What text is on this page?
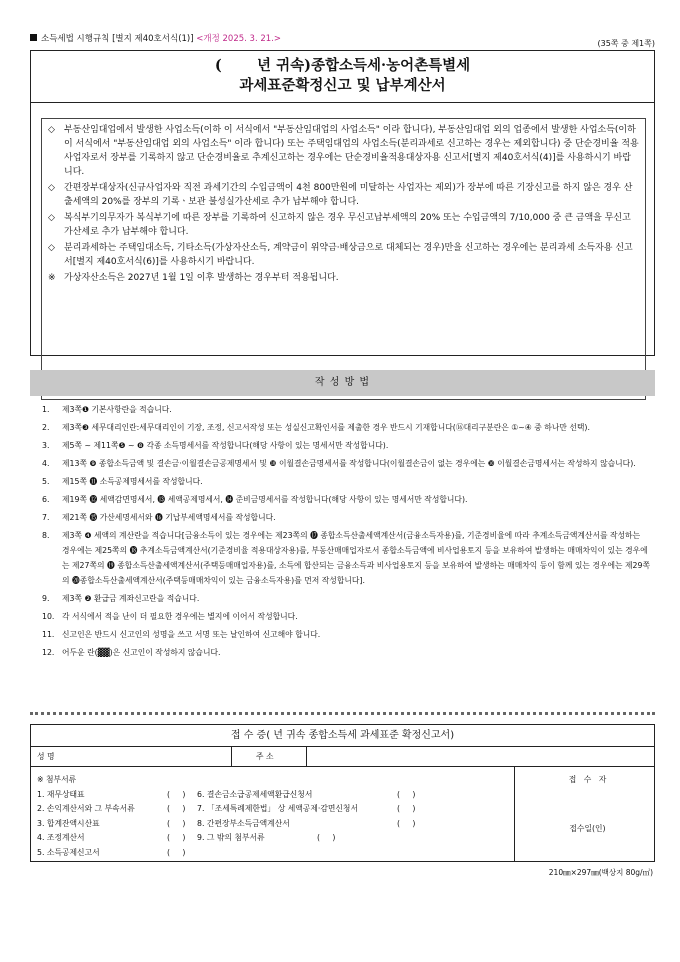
소득세법 시행규칙 [별지 제40호서식(1)] <개정 2025. 3. 21.>	(35쪽 중 제1쪽)
(       년 귀속)종합소득세·농어촌특별세
과세표준확정신고 및 납부계산서
◇ 부동산임대업에서 발생한 사업소득(이하 이 서식에서 "부동산임대업의 사업소득" 이라 합니다), 부동산임대업 외의 업종에서 발생한 사업소득(이하 이 서식에서 "부동산임대업 외의 사업소득" 이라 합니다) 또는 주택임대업의 사업소득(분리과세로 신고하는 경우는 제외합니다) 중 단순경비율 적용사업자로서 장부를 기록하지 않고 단순경비율로 추계신고하는 경우에는 단순경비율적용대상자용 신고서[별지 제40호서식(4)]를 사용하시기 바랍니다.
◇ 간편장부대상자(신규사업자와 직전 과세기간의 수입금액이 4천 800만원에 미달하는 사업자는 제외)가 장부에 따른 기장신고를 하지 않은 경우 산출세액의 20%를 장부의 기록ㆍ보관 불성실가산세로 추가 납부해야 합니다.
◇ 복식부기의무자가 복식부기에 따른 장부를 기록하여 신고하지 않은 경우 무신고납부세액의 20% 또는 수입금액의 7/10,000 중 큰 금액을 무신고가산세로 추가 납부해야 합니다.
◇ 분리과세하는 주택임대소득, 기타소득(가상자산소득, 계약금이 위약금·배상금으로 대체되는 경우)만을 신고하는 경우에는 분리과세 소득자용 신고서[별지 제40호서식(6)]를 사용하시기 바랍니다.
※ 가상자산소득은 2027년 1월 1일 이후 발생하는 경우부터 적용됩니다.
작 성 방 법
1. 제3쪽❶ 기본사항란을 적습니다.
2. 제3쪽❸ 세무대리인란:세무대리인이 기장, 조정, 신고서작성 또는 성실신고확인서를 제출한 경우 반드시 기재합니다(⑯대리구분란은 ①~④ 중 하나만 선택).
3. 제5쪽 ~ 제11쪽❺ ~ ❽ 각종 소득명세서를 작성합니다(해당 사항이 있는 명세서만 작성합니다).
4. 제13쪽 ❾ 종합소득금액 및 결손금·이월결손금공제명세서 및 ❿ 이월결손금명세서를 작성합니다(이월결손금이 없는 경우에는 ❿ 이월결손금명세서는 작성하지 않습니다).
5. 제15쪽 ⓫ 소득공제명세서를 작성합니다.
6. 제19쪽 ⓬ 세액감면명세서, ⓭ 세액공제명세서, ⓮ 준비금명세서를 작성합니다(해당 사항이 있는 명세서만 작성합니다).
7. 제21쪽 ⓯ 가산세명세서와 ⓰ 기납부세액명세서를 작성합니다.
8. 제3쪽 ❹ 세액의 계산란을 적습니다[금융소득이 있는 경우에는 제23쪽의 ⓱ 종합소득산출세액계산서(금융소득자용)를, 기준경비율에 따라 추계소득금액계산서를 작성하는 경우에는 제25쪽의 ⓲ 추계소득금액계산서(기준경비율 적용대상자용)를, 부동산매매업자로서 종합소득금액에 비사업용토지 등을 보유하여 발생하는 매매차익이 있는 경우에는 제27쪽의 ⓳ 종합소득산출세액계산서(주택등매매업자용)를, 소득에 합산되는 금융소득과 비사업용토지 등을 보유하여 발생하는 매매차익 등이 함께 있는 경우에는 제29쪽의 ⓴종합소득산출세액계산서(주택등매매차익이 있는 금융소득자용)를 먼저 작성합니다].
9. 제3쪽 ❷ 환급금 계좌신고란을 적습니다.
10. 각 서식에서 적을 난이 더 필요한 경우에는 별지에 이어서 작성합니다.
11. 신고인은 반드시 신고인의 성명을 쓰고 서명 또는 날인하여 신고해야 합니다.
12. 어두운 란(▓▓)은 신고인이 작성하지 않습니다.
접 수 증( 년 귀속 종합소득세 과세표준 확정신고서)
성 명	주 소
※ 첨부서류
1. 재무상태표	(     )
2. 손익계산서와 그 부속서류	(     )
3. 합계잔액시산표	(     )
4. 조정계산서	(     )
5. 소득공제신고서	(     )
6. 결손금소급공제세액환급신청서	(     )
7. 「조세특례제한법」 상 세액공제·감면신청서	(     )
8. 간편장부소득금액계산서	(     )
9. 그 밖의 첨부서류	(     )
접   수   자
접수일(인)
210㎜×297㎜(백상지 80g/㎡)
